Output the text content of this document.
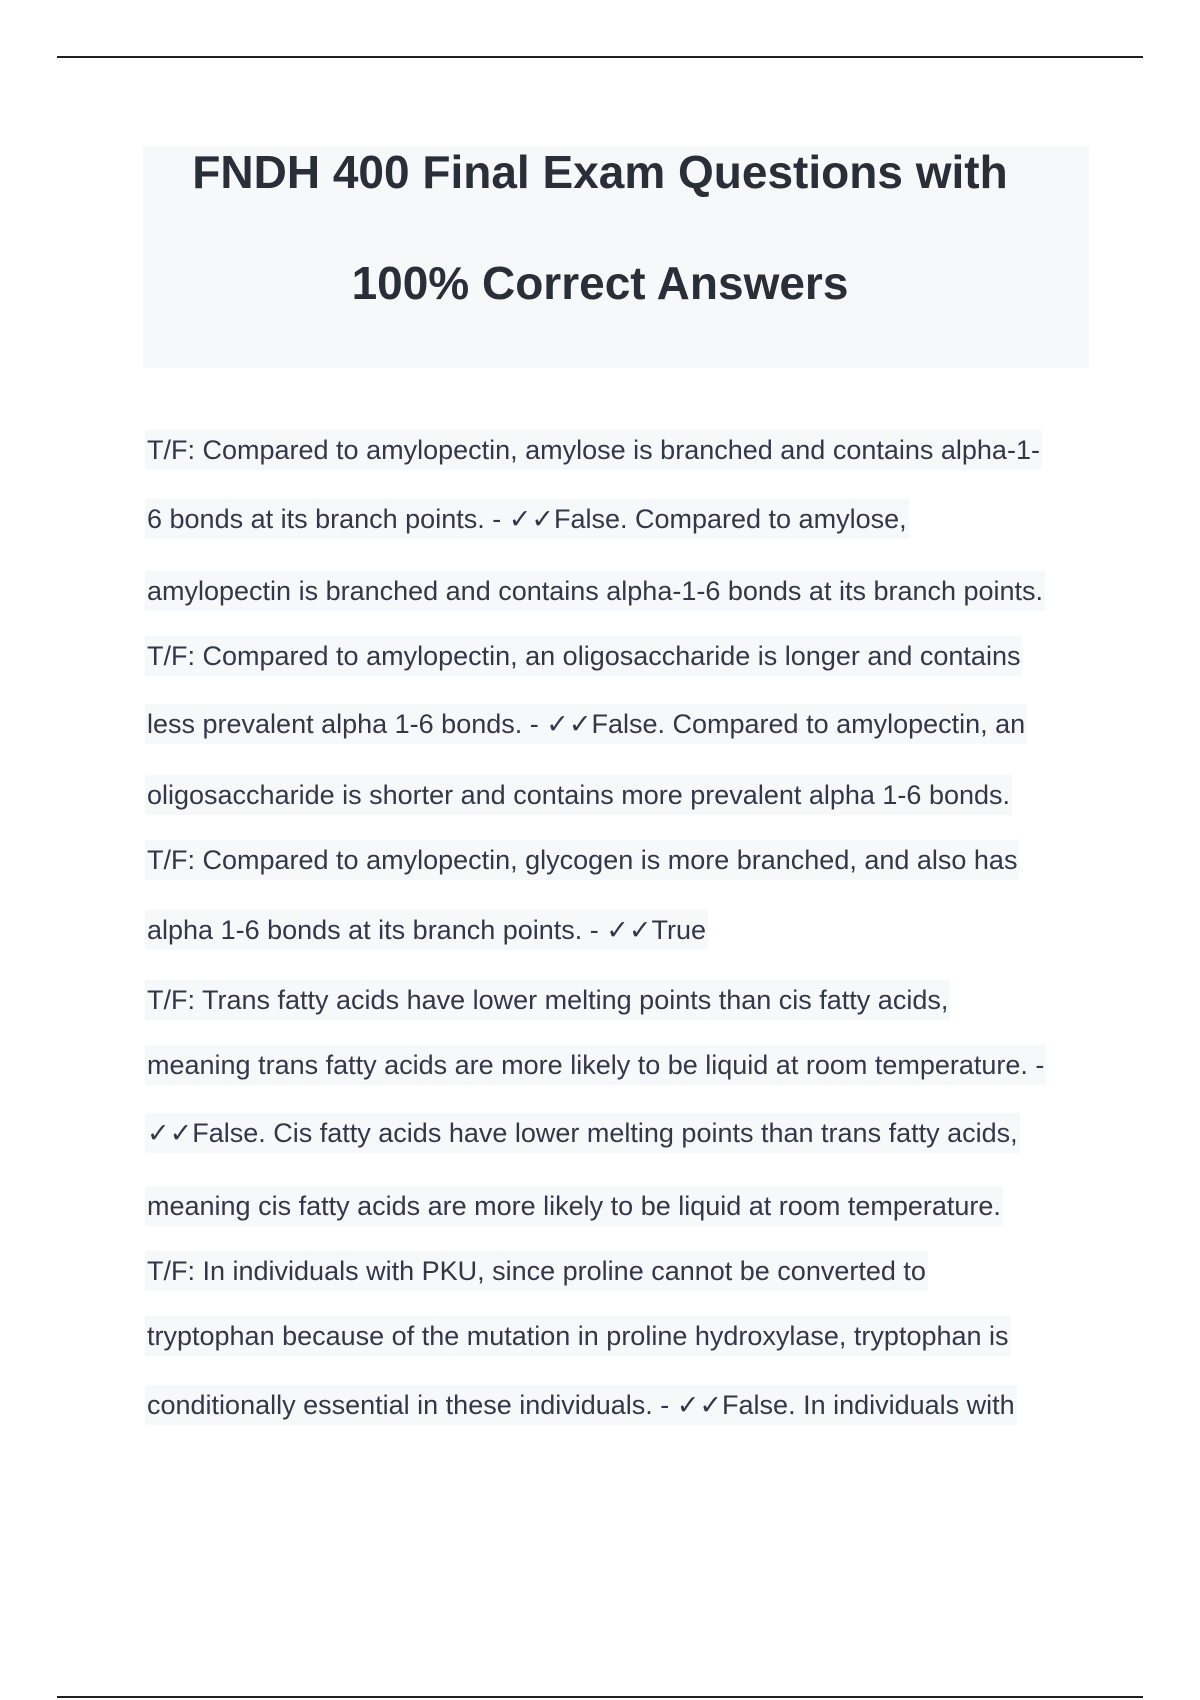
FNDH 400 Final Exam Questions with
100% Correct Answers
T/F: Compared to amylopectin, amylose is branched and contains alpha-1-
6 bonds at its branch points. - ✓✓False. Compared to amylose,
amylopectin is branched and contains alpha-1-6 bonds at its branch points.
T/F: Compared to amylopectin, an oligosaccharide is longer and contains
less prevalent alpha 1-6 bonds. - ✓✓False. Compared to amylopectin, an
oligosaccharide is shorter and contains more prevalent alpha 1-6 bonds.
T/F: Compared to amylopectin, glycogen is more branched, and also has
alpha 1-6 bonds at its branch points. - ✓✓True
T/F: Trans fatty acids have lower melting points than cis fatty acids,
meaning trans fatty acids are more likely to be liquid at room temperature. -
✓✓False. Cis fatty acids have lower melting points than trans fatty acids,
meaning cis fatty acids are more likely to be liquid at room temperature.
T/F: In individuals with PKU, since proline cannot be converted to
tryptophan because of the mutation in proline hydroxylase, tryptophan is
conditionally essential in these individuals. - ✓✓False. In individuals with
